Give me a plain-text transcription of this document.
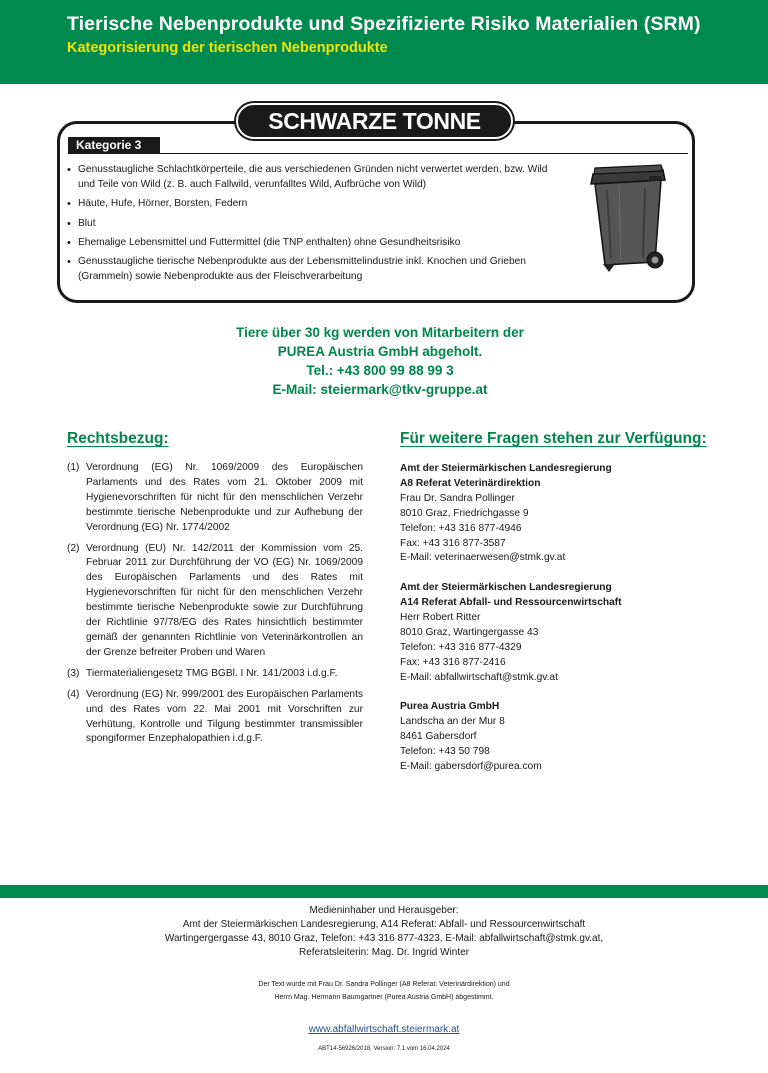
Tierische Nebenprodukte und Spezifizierte Risiko Materialien (SRM)
Kategorisierung der tierischen Nebenprodukte
SCHWARZE TONNE
Kategorie 3
• Genusstaugliche Schlachtkörperteile, die aus verschiedenen Gründen nicht verwertet werden, bzw. Wild und Teile von Wild (z. B. auch Fallwild, verunfalltes Wild, Aufbrüche von Wild)
• Häute, Hufe, Hörner, Borsten, Federn
• Blut
• Ehemalige Lebensmittel und Futtermittel (die TNP enthalten) ohne Gesundheitsrisiko
• Genusstaugliche tierische Nebenprodukte aus der Lebensmittelindustrie inkl. Knochen und Grieben (Grammeln) sowie Nebenprodukte aus der Fleischverarbeitung
Tiere über 30 kg werden von Mitarbeitern der
PUREA Austria GmbH abgeholt.
Tel.: +43 800 99 88 99 3
E-Mail: steiermark@tkv-gruppe.at
Rechtsbezug:
(1) Verordnung (EG) Nr. 1069/2009 des Europäischen Parlaments und des Rates vom 21. Oktober 2009 mit Hygienevorschriften für nicht für den menschlichen Verzehr bestimmte tierische Nebenprodukte und zur Aufhebung der Verordnung (EG) Nr. 1774/2002
(2) Verordnung (EU) Nr. 142/2011 der Kommission vom 25. Februar 2011 zur Durchführung der VO (EG) Nr. 1069/2009 des Europäischen Parlaments und des Rates mit Hygienevorschriften für nicht für den menschlichen Verzehr bestimmte tierische Nebenprodukte sowie zur Durchführung der Richtlinie 97/78/EG des Rates hinsichtlich bestimmter gemäß der genannten Richtlinie von Veterinärkontrollen an der Grenze befreiter Proben und Waren
(3) Tiermaterialiengesetz TMG BGBl. I Nr. 141/2003 i.d.g.F.
(4) Verordnung (EG) Nr. 999/2001 des Europäischen Parlaments und des Rates vom 22. Mai 2001 mit Vorschriften zur Verhütung, Kontrolle und Tilgung bestimmter transmissibler spongiformer Enzephalopathien i.d.g.F.
Für weitere Fragen stehen zur Verfügung:
Amt der Steiermärkischen Landesregierung
A8 Referat Veterinärdirektion
Frau Dr. Sandra Pollinger
8010 Graz, Friedrichgasse 9
Telefon: +43 316 877-4946
Fax: +43 316 877-3587
E-Mail: veterinaerwesen@stmk.gv.at
Amt der Steiermärkischen Landesregierung
A14 Referat Abfall- und Ressourcenwirtschaft
Herr Robert Ritter
8010 Graz, Wartingergasse 43
Telefon: +43 316 877-4329
Fax: +43 316 877-2416
E-Mail: abfallwirtschaft@stmk.gv.at
Purea Austria GmbH
Landscha an der Mur 8
8461 Gabersdorf
Telefon: +43 50 798
E-Mail: gabersdorf@purea.com
Medieninhaber und Herausgeber:
Amt der Steiermärkischen Landesregierung, A14 Referat: Abfall- und Ressourcenwirtschaft
Wartingergergasse 43, 8010 Graz, Telefon: +43 316 877-4323, E-Mail: abfallwirtschaft@stmk.gv.at,
Referatsleiterin: Mag. Dr. Ingrid Winter
Der Text wurde mit Frau Dr. Sandra Pollinger (A8 Referat: Veterinärdirektion) und
Herrn Mag. Hermann Baumgartner (Purea Austria GmbH) abgestimmt.
www.abfallwirtschaft.steiermark.at
ABT14-56926/2018, Version: 7.1 vom 16.04.2024
